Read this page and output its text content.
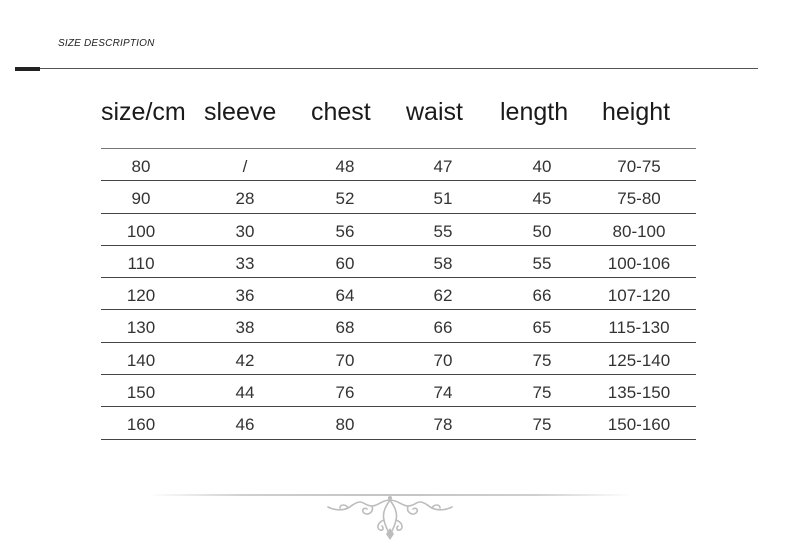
SIZE DESCRIPTION
size/cm sleeve chest waist length height
80	/	48	47	40	70-75
90	28	52	51	45	75-80
100	30	56	55	50	80-100
110	33	60	58	55	100-106
120	36	64	62	66	107-120
130	38	68	66	65	115-130
140	42	70	70	75	125-140
150	44	76	74	75	135-150
160	46	80	78	75	150-160
